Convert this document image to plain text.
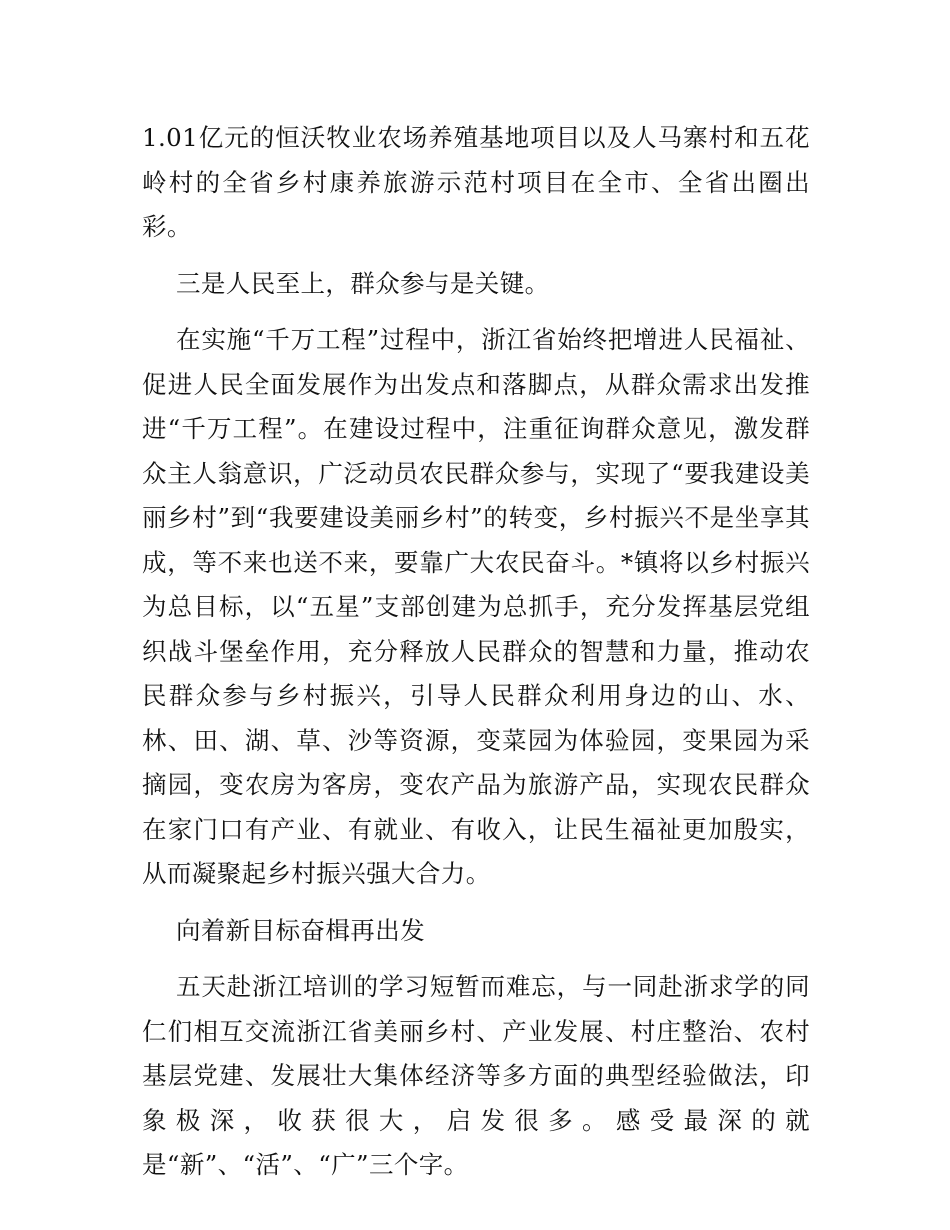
1.01亿元的恒沃牧业农场养殖基地项目以及人马寨村和五花岭村的全省乡村康养旅游示范村项目在全市、全省出圈出彩。

三是人民至上，群众参与是关键。

在实施“千万工程”过程中，浙江省始终把增进人民福祉、促进人民全面发展作为出发点和落脚点，从群众需求出发推进“千万工程”。在建设过程中，注重征询群众意见，激发群众主人翁意识，广泛动员农民群众参与，实现了“要我建设美丽乡村”到“我要建设美丽乡村”的转变，乡村振兴不是坐享其成，等不来也送不来，要靠广大农民奋斗。*镇将以乡村振兴为总目标，以“五星”支部创建为总抓手，充分发挥基层党组织战斗堡垒作用，充分释放人民群众的智慧和力量，推动农民群众参与乡村振兴，引导人民群众利用身边的山、水、林、田、湖、草、沙等资源，变菜园为体验园，变果园为采摘园，变农房为客房，变农产品为旅游产品，实现农民群众在家门口有产业、有就业、有收入，让民生福祉更加殷实，从而凝聚起乡村振兴强大合力。

向着新目标奋楫再出发

五天赴浙江培训的学习短暂而难忘，与一同赴浙求学的同仁们相互交流浙江省美丽乡村、产业发展、村庄整治、农村基层党建、发展壮大集体经济等多方面的典型经验做法，印象极深，收获很大，启发很多。感受最深的就

是“新”、“活”、“广”三个字。
